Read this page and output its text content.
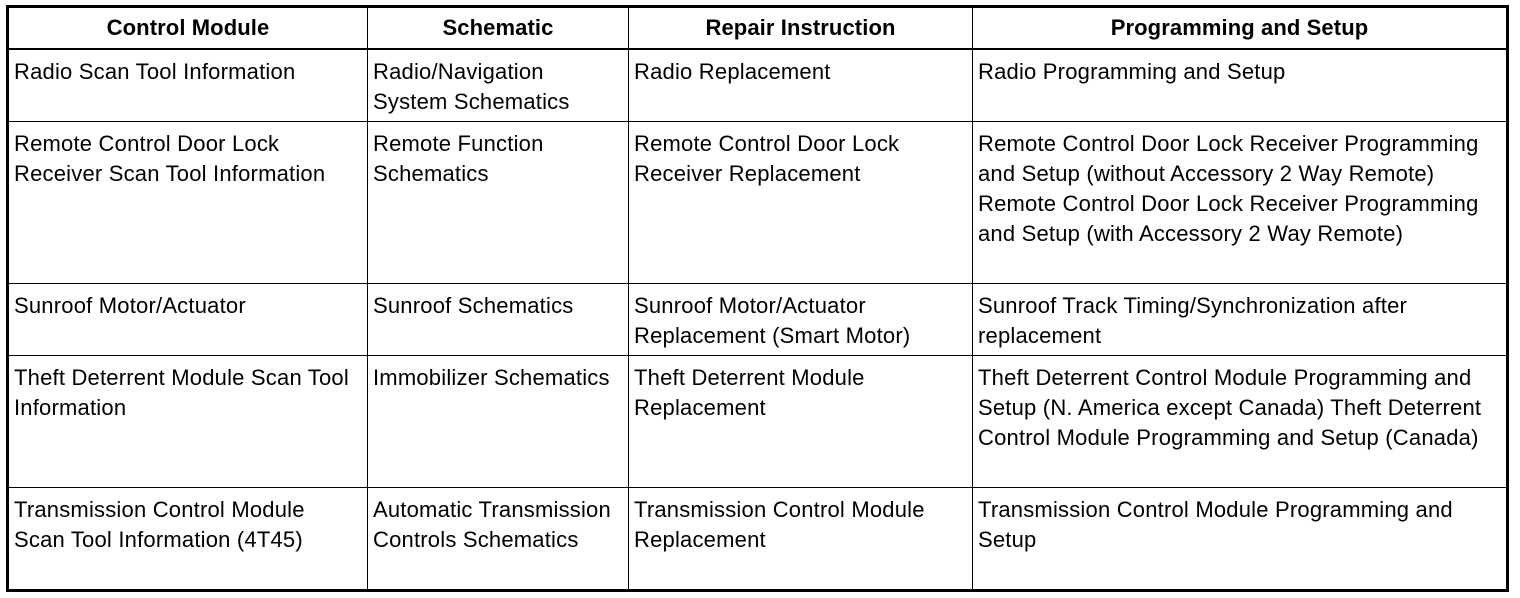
Control Module	Schematic	Repair Instruction	Programming and Setup
Radio Scan Tool Information	Radio/Navigation System Schematics	Radio Replacement	Radio Programming and Setup
Remote Control Door Lock Receiver Scan Tool Information	Remote Function Schematics	Remote Control Door Lock Receiver Replacement	Remote Control Door Lock Receiver Programming and Setup (without Accessory 2 Way Remote) Remote Control Door Lock Receiver Programming and Setup (with Accessory 2 Way Remote)
Sunroof Motor/Actuator	Sunroof Schematics	Sunroof Motor/Actuator Replacement (Smart Motor)	Sunroof Track Timing/Synchronization after replacement
Theft Deterrent Module Scan Tool Information	Immobilizer Schematics	Theft Deterrent Module Replacement	Theft Deterrent Control Module Programming and Setup (N. America except Canada) Theft Deterrent Control Module Programming and Setup (Canada)
Transmission Control Module Scan Tool Information (4T45)	Automatic Transmission Controls Schematics	Transmission Control Module Replacement	Transmission Control Module Programming and Setup
